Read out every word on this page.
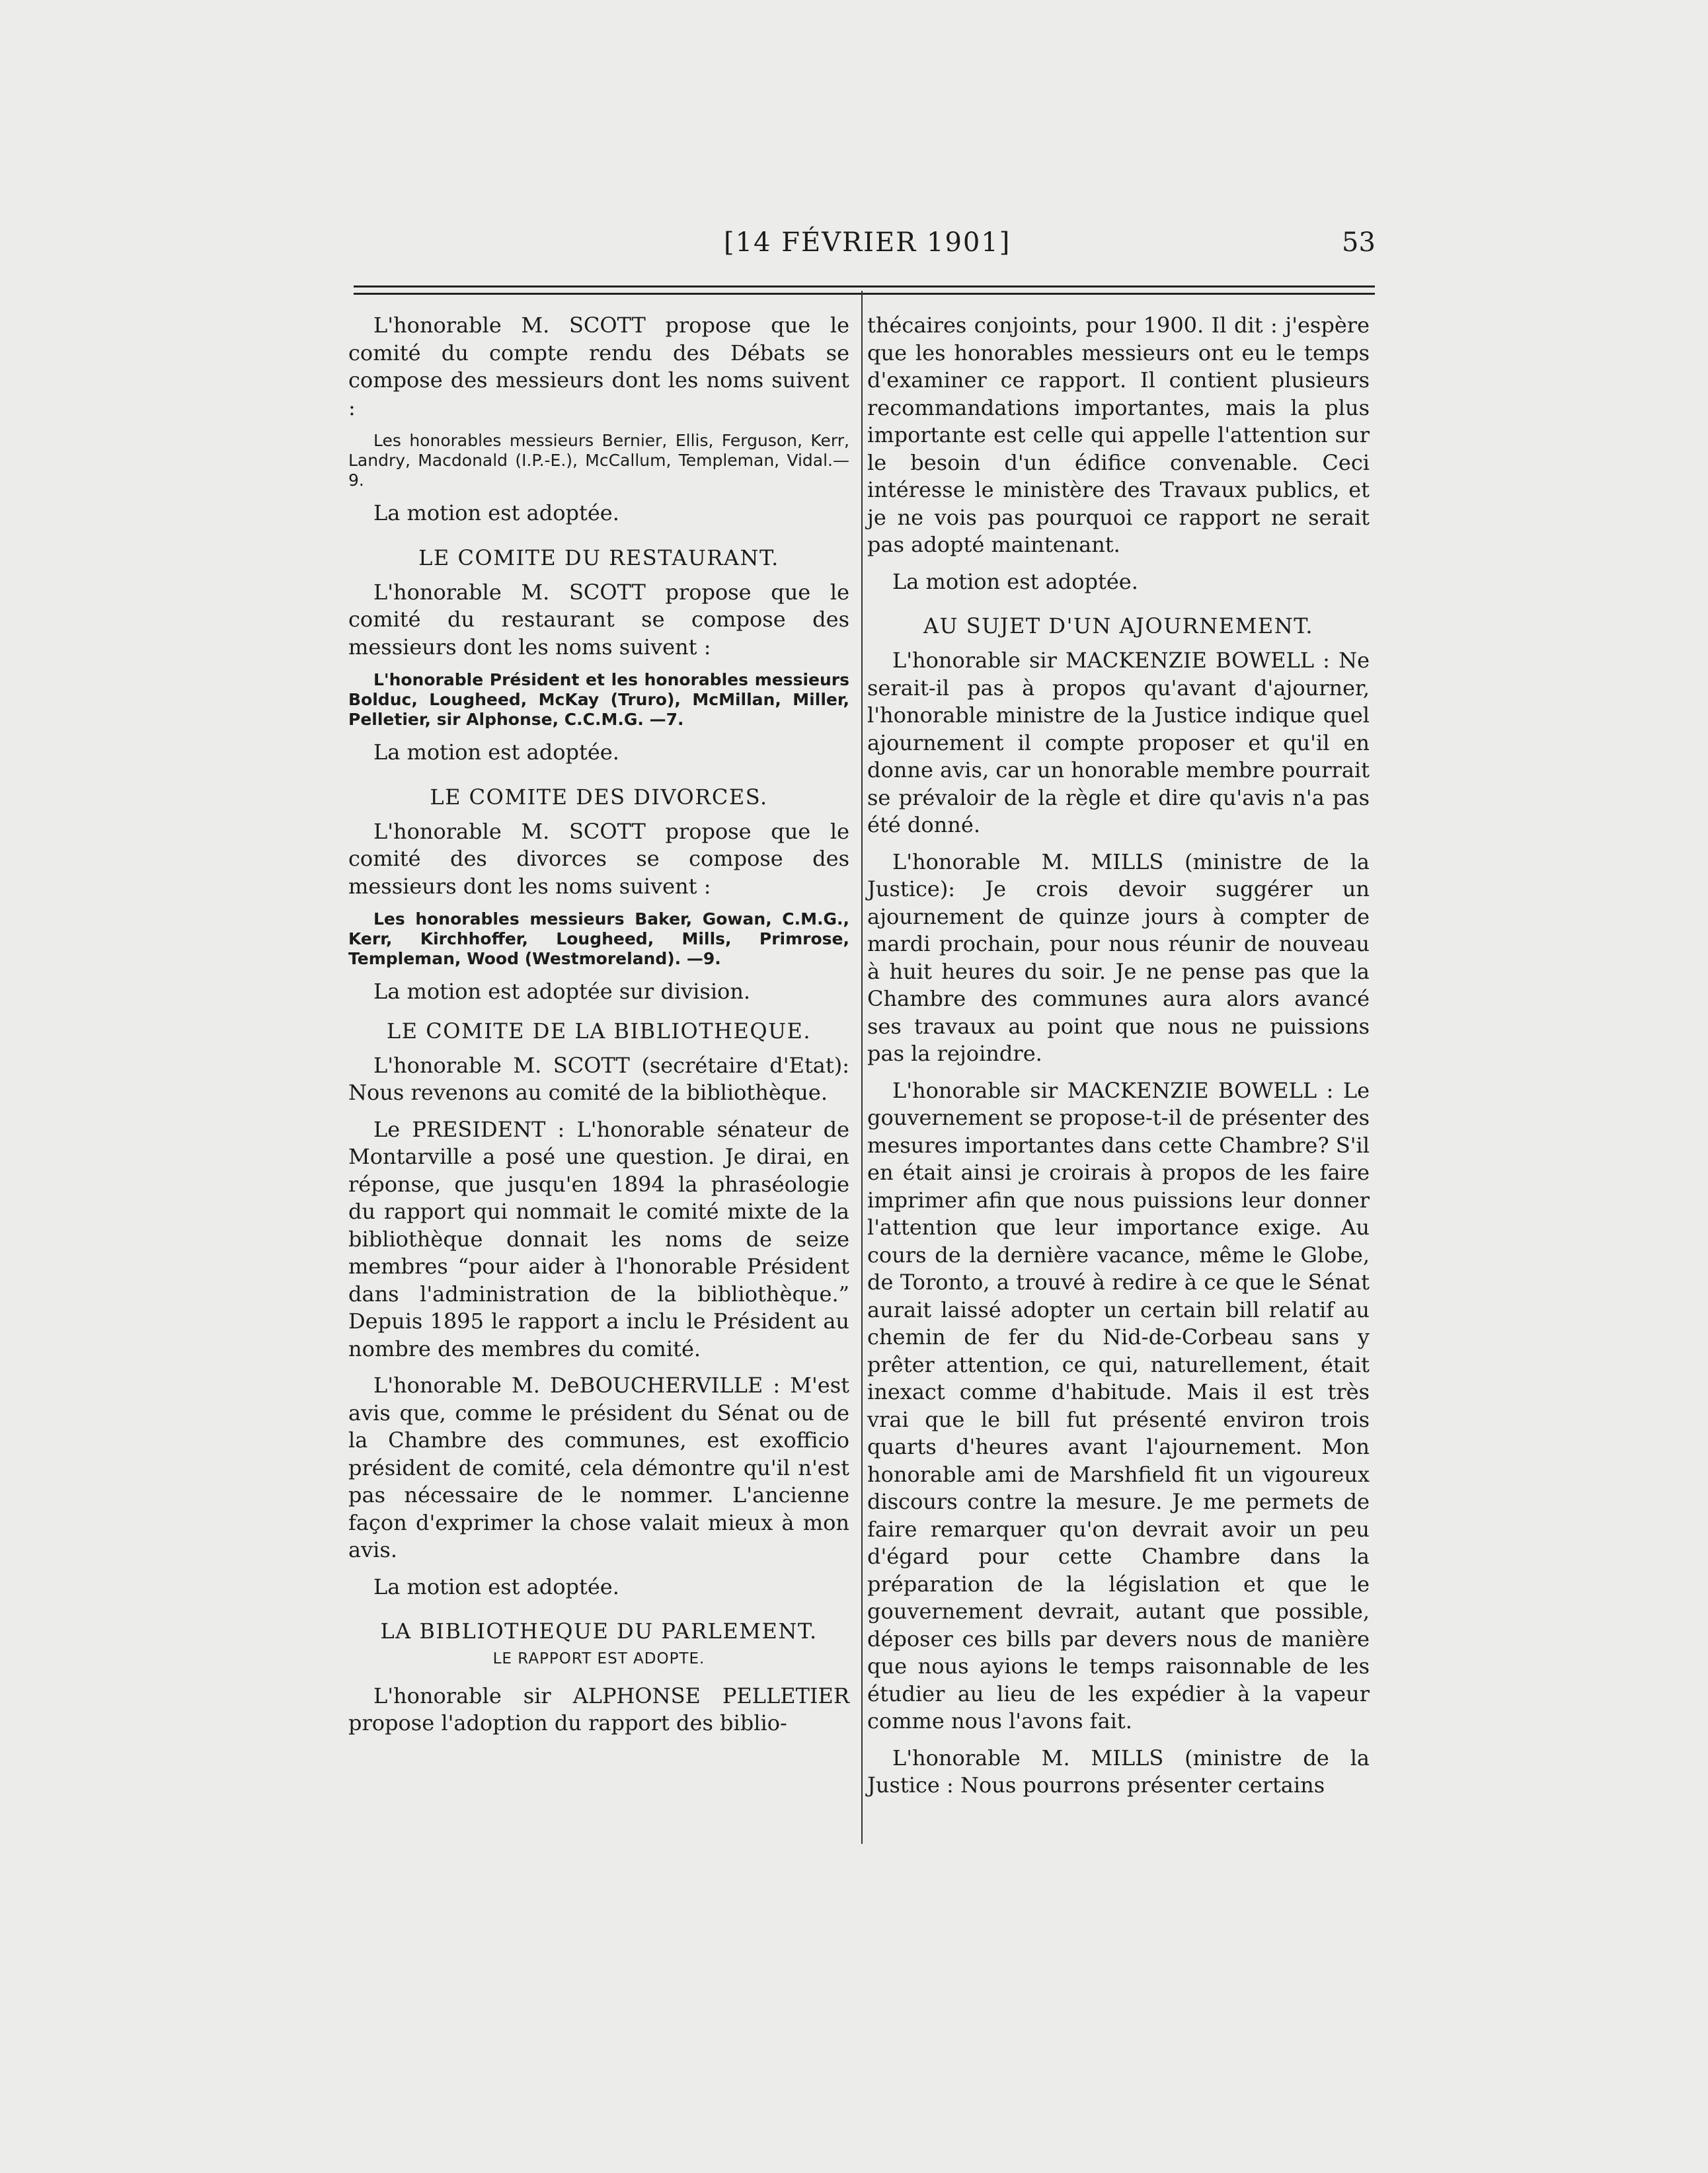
[14 FÉVRIER 1901]	53

L'honorable M. SCOTT propose que le comité du compte rendu des Débats se compose des messieurs dont les noms suivent :

Les honorables messieurs Bernier, Ellis, Ferguson, Kerr, Landry, Macdonald (I.P.-E.), McCallum, Templeman, Vidal.—9.

La motion est adoptée.

LE COMITE DU RESTAURANT.

L'honorable M. SCOTT propose que le comité du restaurant se compose des messieurs dont les noms suivent :

L'honorable Président et les honorables messieurs Bolduc, Lougheed, McKay (Truro), McMillan, Miller, Pelletier, sir Alphonse, C.C.M.G. —7.

La motion est adoptée.

LE COMITE DES DIVORCES.

L'honorable M. SCOTT propose que le comité des divorces se compose des messieurs dont les noms suivent :

Les honorables messieurs Baker, Gowan, C.M.G., Kerr, Kirchhoffer, Lougheed, Mills, Primrose, Templeman, Wood (Westmoreland). —9.

La motion est adoptée sur division.

LE COMITE DE LA BIBLIOTHEQUE.

L'honorable M. SCOTT (secrétaire d'Etat): Nous revenons au comité de la bibliothèque.

Le PRESIDENT : L'honorable sénateur de Montarville a posé une question. Je dirai, en réponse, que jusqu'en 1894 la phraséologie du rapport qui nommait le comité mixte de la bibliothèque donnait les noms de seize membres “pour aider à l'honorable Président dans l'administration de la bibliothèque.” Depuis 1895 le rapport a inclu le Président au nombre des membres du comité.

L'honorable M. DeBOUCHERVILLE : M'est avis que, comme le président du Sénat ou de la Chambre des communes, est exofficio président de comité, cela démontre qu'il n'est pas nécessaire de le nommer. L'ancienne façon d'exprimer la chose valait mieux à mon avis.

La motion est adoptée.

LA BIBLIOTHEQUE DU PARLEMENT.
LE RAPPORT EST ADOPTE.

L'honorable sir ALPHONSE PELLETIER propose l'adoption du rapport des biblio-

thécaires conjoints, pour 1900. Il dit : j'espère que les honorables messieurs ont eu le temps d'examiner ce rapport. Il contient plusieurs recommandations importantes, mais la plus importante est celle qui appelle l'attention sur le besoin d'un édifice convenable. Ceci intéresse le ministère des Travaux publics, et je ne vois pas pourquoi ce rapport ne serait pas adopté maintenant.

La motion est adoptée.

AU SUJET D'UN AJOURNEMENT.

L'honorable sir MACKENZIE BOWELL : Ne serait-il pas à propos qu'avant d'ajourner, l'honorable ministre de la Justice indique quel ajournement il compte proposer et qu'il en donne avis, car un honorable membre pourrait se prévaloir de la règle et dire qu'avis n'a pas été donné.

L'honorable M. MILLS (ministre de la Justice): Je crois devoir suggérer un ajournement de quinze jours à compter de mardi prochain, pour nous réunir de nouveau à huit heures du soir. Je ne pense pas que la Chambre des communes aura alors avancé ses travaux au point que nous ne puissions pas la rejoindre.

L'honorable sir MACKENZIE BOWELL : Le gouvernement se propose-t-il de présenter des mesures importantes dans cette Chambre? S'il en était ainsi je croirais à propos de les faire imprimer afin que nous puissions leur donner l'attention que leur importance exige. Au cours de la dernière vacance, même le Globe, de Toronto, a trouvé à redire à ce que le Sénat aurait laissé adopter un certain bill relatif au chemin de fer du Nid-de-Corbeau sans y prêter attention, ce qui, naturellement, était inexact comme d'habitude. Mais il est très vrai que le bill fut présenté environ trois quarts d'heures avant l'ajournement. Mon honorable ami de Marshfield fit un vigoureux discours contre la mesure. Je me permets de faire remarquer qu'on devrait avoir un peu d'égard pour cette Chambre dans la préparation de la législation et que le gouvernement devrait, autant que possible, déposer ces bills par devers nous de manière que nous ayions le temps raisonnable de les étudier au lieu de les expédier à la vapeur comme nous l'avons fait.

L'honorable M. MILLS (ministre de la Justice : Nous pourrons présenter certains
